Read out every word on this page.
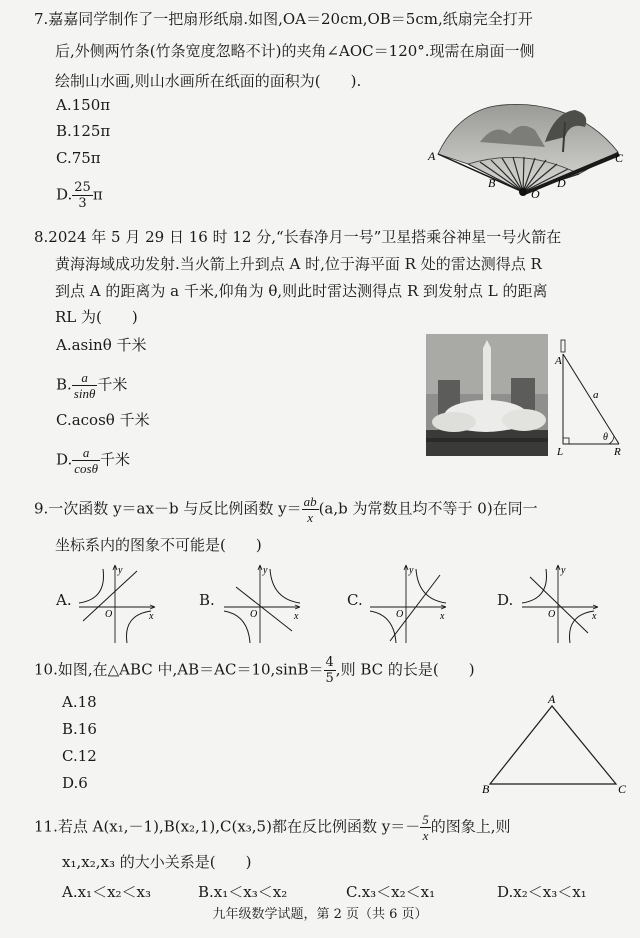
7.嘉嘉同学制作了一把扇形纸扇.如图,OA＝20cm,OB＝5cm,纸扇完全打开
后,外侧两竹条(竹条宽度忽略不计)的夹角∠AOC＝120°.现需在扇面一侧
绘制山水画,则山水画所在纸面的面积为(　　).
A.150π
B.125π
C.75π
D. $\frac{25}{3}$ π
A
B
O
D
C
8.2024 年 5 月 29 日 16 时 12 分,“长春净月一号”卫星搭乘谷神星一号火箭在
黄海海域成功发射.当火箭上升到点 A 时,位于海平面 R 处的雷达测得点 R
到点 A 的距离为 a 千米,仰角为 θ,则此时雷达测得点 R 到发射点 L 的距离
RL 为(　　)
A.asinθ 千米
B. $\frac{a}{\sin\theta}$ 千米
C.acosθ 千米
D. $\frac{a}{\cos\theta}$ 千米
A
a
L	R
θ
9.一次函数 y＝ax－b 与反比例函数 $y= \frac{ab}{x} (a,b$ 为常数且均不等于 0)在同一
坐标系内的图象不可能是(　　)
A.	B.	C.	D.
y
x
O
y
x
O
y
x
O
y
x
O
10.如图,在△ABC 中$,AB=AC=10,\sin B= \frac{4}{5}$ ,则 BC 的长是(　　)
A.18
B.16
C.12
D.6
A
B	C
11.若点 A(x₁,－1),B(x₂,1),C(x₃,5)都在反比例函数 $y=- \frac{5}{x}$ 的图象上,则
x₁,x₂,x₃ 的大小关系是(　　)
A.x₁＜x₂＜x₃	B.x₁＜x₃＜x₂	C.x₃＜x₂＜x₁	D.x₂＜x₃＜x₁
九年级数学试题，第 2 页（共 6 页）
